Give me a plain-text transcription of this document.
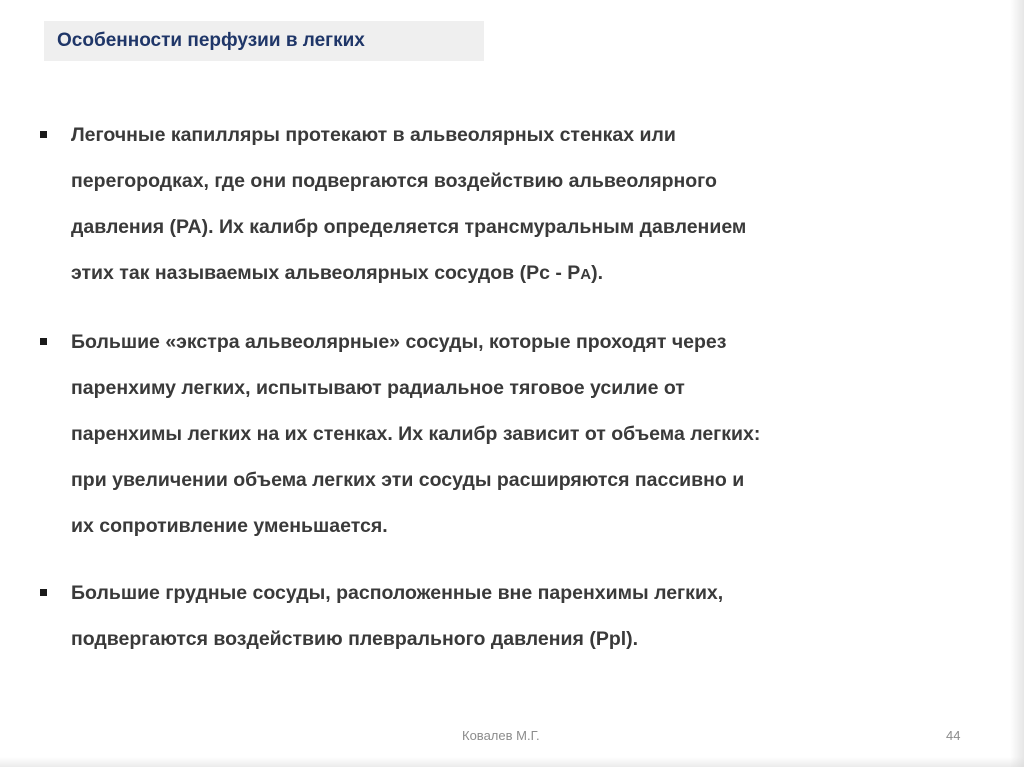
Особенности перфузии в легких
Легочные капилляры протекают в альвеолярных стенках или
перегородках, где они подвергаются воздействию альвеолярного
давления (PA). Их калибр определяется трансмуральным давлением
этих так называемых альвеолярных сосудов (Pc - PA).
Большие «экстра альвеолярные» сосуды, которые проходят через
паренхиму легких, испытывают радиальное тяговое усилие от
паренхимы легких на их стенках. Их калибр зависит от объема легких:
при увеличении объема легких эти сосуды расширяются пассивно и
их сопротивление уменьшается.
Большие грудные сосуды, расположенные вне паренхимы легких,
подвергаются воздействию плеврального давления (Ppl).
Ковалев М.Г.	44
